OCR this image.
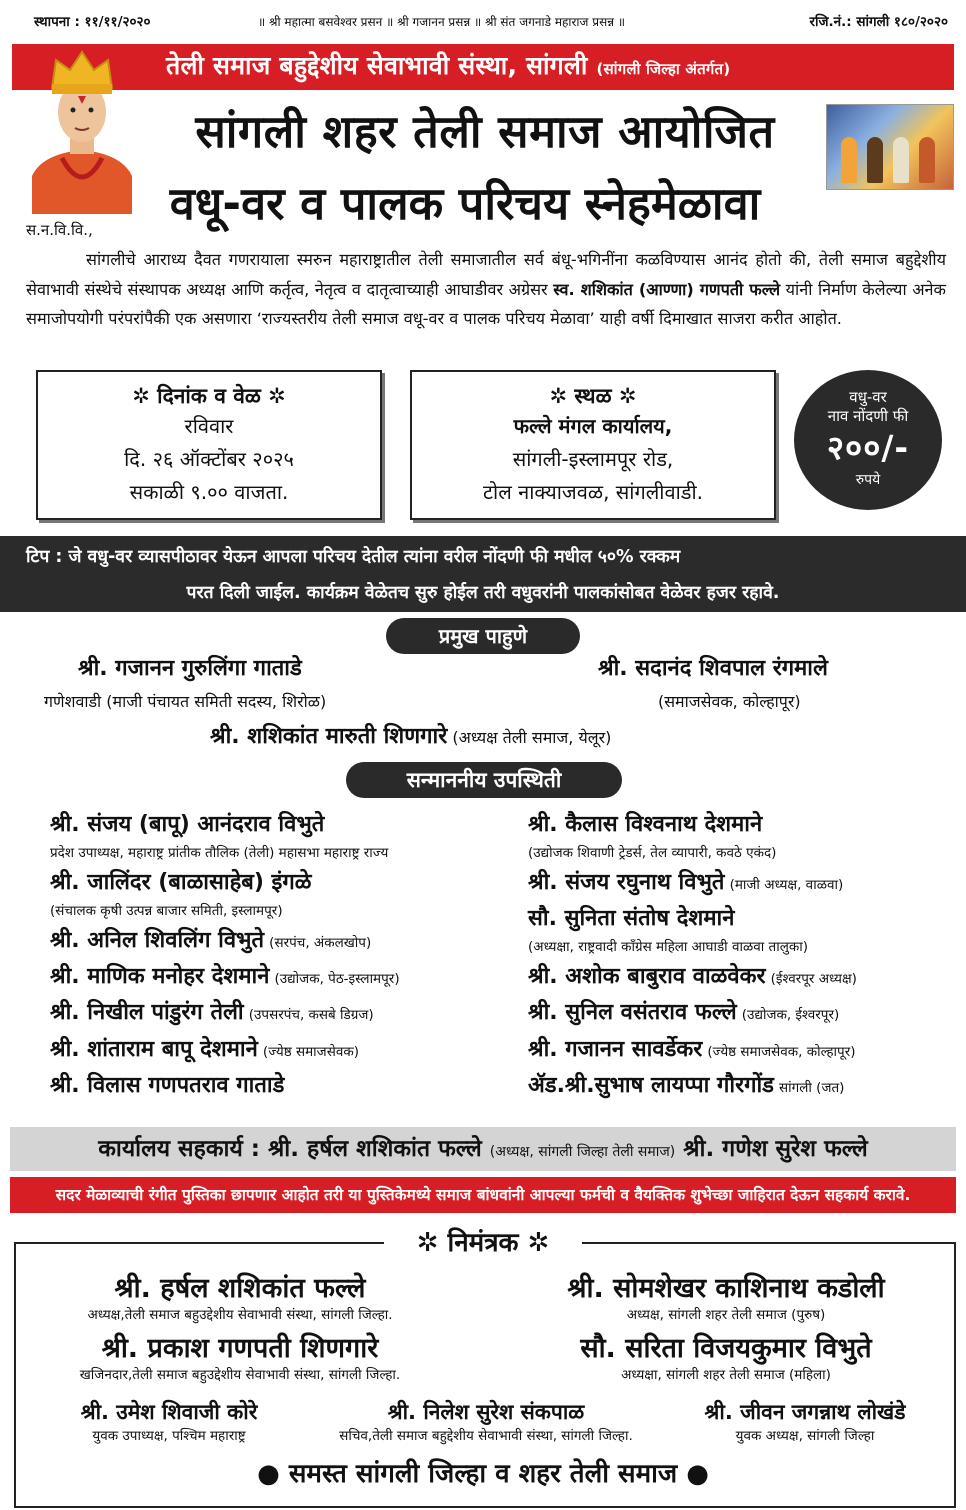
स्थापना : ११/११/२०२०	॥ श्री महात्मा बसवेश्वर प्रसन ॥ श्री गजानन प्रसन्न ॥ श्री संत जगनाडे महाराज प्रसन्न ॥	रजि.नं.: सांगली १८०/२०२०
तेली समाज बहुद्देशीय सेवाभावी संस्था, सांगली (सांगली जिल्हा अंतर्गत)
सांगली शहर तेली समाज आयोजित
वधू-वर व पालक परिचय स्नेहमेळावा
स.न.वि.वि.,

सांगलीचे आराध्य दैवत गणरायाला स्मरुन महाराष्ट्रातील तेली समाजातील सर्व बंधू-भगिनींना कळविण्यास आनंद होतो की, तेली समाज बहुद्देशीय सेवाभावी संस्थेचे संस्थापक अध्यक्ष आणि कर्तृत्व, नेतृत्व व दातृत्वाच्याही आघाडीवर अग्रेसर स्व. शशिकांत (आण्णा) गणपती फल्ले यांनी निर्माण केलेल्या अनेक समाजोपयोगी परंपरांपैकी एक असणारा ‘राज्यस्तरीय तेली समाज वधू-वर व पालक परिचय मेळावा’ याही वर्षी दिमाखात साजरा करीत आहोत.

✲ दिनांक व वेळ ✲
रविवार
दि. २६ ऑक्टोंबर २०२५
सकाळी ९.०० वाजता.
✲ स्थळ ✲
फल्ले मंगल कार्यालय,
सांगली-इस्लामपूर रोड,
टोल नाक्याजवळ, सांगलीवाडी.
वधु-वर
नाव नोंदणी फी
२००/-
रुपये
टिप : जे वधु-वर व्यासपीठावर येऊन आपला परिचय देतील त्यांना वरील नोंदणी फी मधील ५०% रक्कम
परत दिली जाईल. कार्यक्रम वेळेतच सुरु होईल तरी वधुवरांनी पालकांसोबत वेळेवर हजर रहावे.
प्रमुख पाहुणे
श्री. गजानन गुरुलिंगा गाताडे
गणेशवाडी (माजी पंचायत समिती सदस्य, शिरोळ)
श्री. सदानंद शिवपाल रंगमाले
(समाजसेवक, कोल्हापूर)
श्री. शशिकांत मारुती शिणगारे (अध्यक्ष तेली समाज, येलूर)
सन्माननीय उपस्थिती
श्री. संजय (बापू) आनंदराव विभुते
प्रदेश उपाध्यक्ष, महाराष्ट्र प्रांतीक तौलिक (तेली) महासभा महाराष्ट्र राज्य
श्री. जालिंदर (बाळासाहेब) इंगळे
(संचालक कृषी उत्पन्न बाजार समिती, इस्लामपूर)
श्री. अनिल शिवलिंग विभुते (सरपंच, अंकलखोप)
श्री. माणिक मनोहर देशमाने (उद्योजक, पेठ-इस्लामपूर)
श्री. निखील पांडुरंग तेली (उपसरपंच, कसबे डिग्रज)
श्री. शांताराम बापू देशमाने (ज्येष्ठ समाजसेवक)
श्री. विलास गणपतराव गाताडे
श्री. कैलास विश्वनाथ देशमाने
(उद्योजक शिवाणी ट्रेडर्स, तेल व्यापारी, कवठे एकंद)
श्री. संजय रघुनाथ विभुते (माजी अध्यक्ष, वाळवा)
सौ. सुनिता संतोष देशमाने
(अध्यक्षा, राष्ट्रवादी काँग्रेस महिला आघाडी वाळवा तालुका)
श्री. अशोक बाबुराव वाळवेकर (ईश्वरपूर अध्यक्ष)
श्री. सुनिल वसंतराव फल्ले (उद्योजक, ईश्वरपूर)
श्री. गजानन सावर्डेकर (ज्येष्ठ समाजसेवक, कोल्हापूर)
ॲड.श्री.सुभाष लायप्पा गौरगोंड सांगली (जत)
कार्यालय सहकार्य : श्री. हर्षल शशिकांत फल्ले (अध्यक्ष, सांगली जिल्हा तेली समाज) श्री. गणेश सुरेश फल्ले
सदर मेळाव्याची रंगीत पुस्तिका छापणार आहोत तरी या पुस्तिकेमध्ये समाज बांधवांनी आपल्या फर्मची व वैयक्तिक शुभेच्छा जाहिरात देऊन सहकार्य करावे.
✲ निमंत्रक ✲
श्री. हर्षल शशिकांत फल्ले
अध्यक्ष,तेली समाज बहुउद्देशीय सेवाभावी संस्था, सांगली जिल्हा.
श्री. सोमशेखर काशिनाथ कडोली
अध्यक्ष, सांगली शहर तेली समाज (पुरुष)
श्री. प्रकाश गणपती शिणगारे
खजिनदार,तेली समाज बहुउद्देशीय सेवाभावी संस्था, सांगली जिल्हा.
सौ. सरिता विजयकुमार विभुते
अध्यक्षा, सांगली शहर तेली समाज (महिला)
श्री. उमेश शिवाजी कोरे
युवक उपाध्यक्ष, पश्चिम महाराष्ट्र
श्री. निलेश सुरेश संकपाळ
सचिव,तेली समाज बहुद्देशीय सेवाभावी संस्था, सांगली जिल्हा.
श्री. जीवन जगन्नाथ लोखंडे
युवक अध्यक्ष, सांगली जिल्हा
● समस्त सांगली जिल्हा व शहर तेली समाज ●
